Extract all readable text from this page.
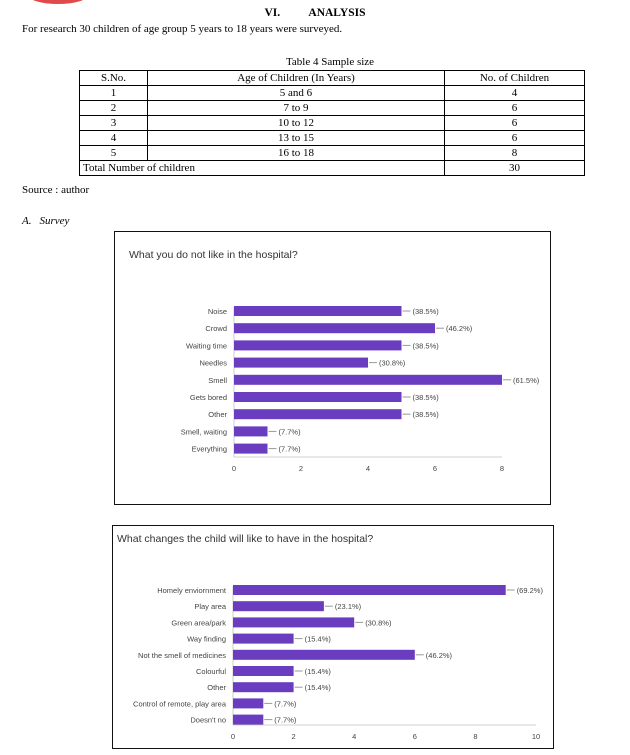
VI. ANALYSIS
For research 30 children of age group 5 years to 18 years were surveyed.
Table 4 Sample size
S.No.	Age of Children (In Years)	No. of Children
1	5 and 6	4
2	7 to 9	6
3	10 to 12	6
4	13 to 15	6
5	16 to 18	8
Total Number of children		30
Source : author
A. Survey
What you do not like in the hospital?
0	2	4	6	8
Noise	(38.5%)
Crowd	(46.2%)
Waiting time	(38.5%)
Needles	(30.8%)
Smell	(61.5%)
Gets bored	(38.5%)
Other	(38.5%)
Smell, waiting	(7.7%)
Everything	(7.7%)
What changes the child will like to have in the hospital?
0	2	4	6	8	10
Homely enviornment	(69.2%)
Play area	(23.1%)
Green area/park	(30.8%)
Way finding	(15.4%)
Not the smell of medicines	(46.2%)
Colourful	(15.4%)
Other	(15.4%)
Control of remote, play area	(7.7%)
Doesn't no	(7.7%)
